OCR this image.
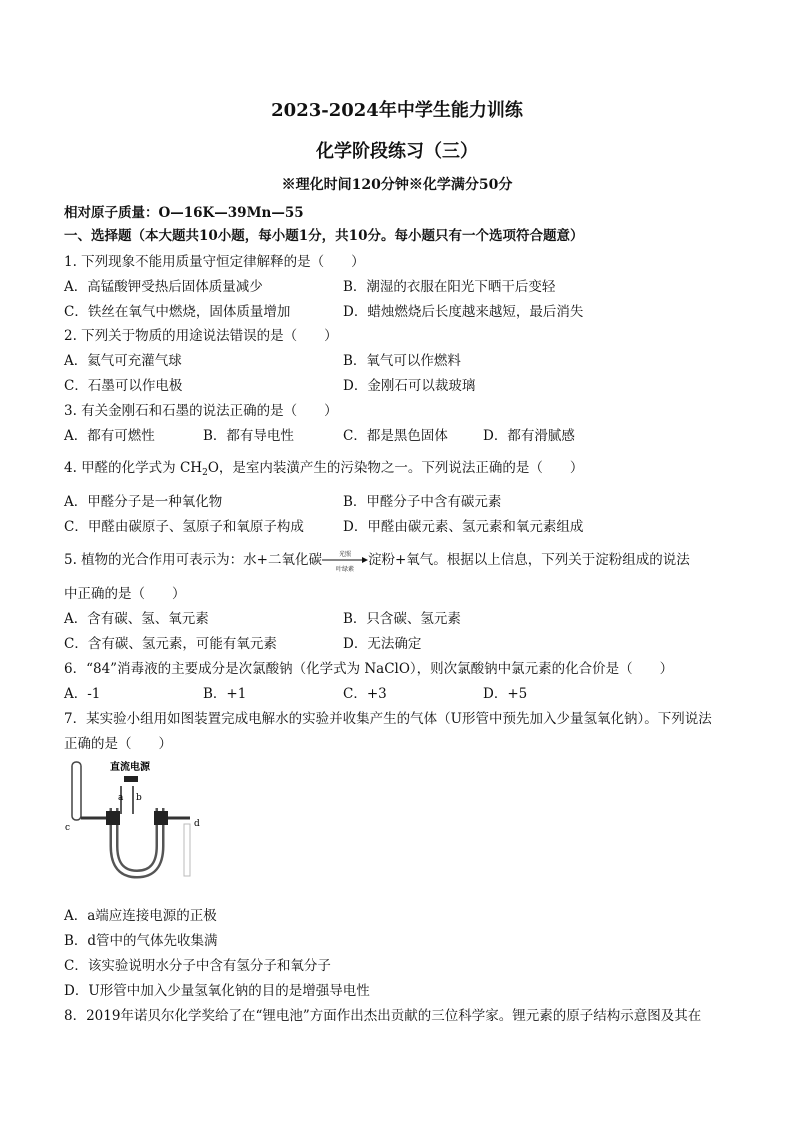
2023-2024年中学生能力训练
化学阶段练习（三）
※理化时间120分钟※化学满分50分
相对原子质量：O—16K—39Mn—55
一、选择题（本大题共10小题，每小题1分，共10分。每小题只有一个选项符合题意）
1. 下列现象不能用质量守恒定律解释的是（　　）
A．高锰酸钾受热后固体质量减少	B．潮湿的衣服在阳光下晒干后变轻
C．铁丝在氧气中燃烧，固体质量增加	D．蜡烛燃烧后长度越来越短，最后消失
2. 下列关于物质的用途说法错误的是（　　）
A．氦气可充灌气球	B．氧气可以作燃料
C．石墨可以作电极	D．金刚石可以裁玻璃
3. 有关金刚石和石墨的说法正确的是（　　）
A．都有可燃性	B．都有导电性	C．都是黑色固体	D．都有滑腻感
4. 甲醛的化学式为 $CH_2O$，是室内装潢产生的污染物之一。下列说法正确的是（　　）
A．甲醛分子是一种氧化物	B．甲醛分子中含有碳元素
C．甲醛由碳原子、氢原子和氧原子构成	D．甲醛由碳元素、氢元素和氧元素组成
5. 植物的光合作用可表示为：水+二氧化碳	光照
叶绿素
淀粉+氧气。根据以上信息，下列关于淀粉组成的说法
中正确的是（　　）
A．含有碳、氢、氧元素	B．只含碳、氢元素
C．含有碳、氢元素，可能有氧元素	D．无法确定
6．“84”消毒液的主要成分是次氯酸钠（化学式为 NaClO），则次氯酸钠中氯元素的化合价是（　　）
A．-1	B．+1	C．+3	D．+5
7．某实验小组用如图装置完成电解水的实验并收集产生的气体（U形管中预先加入少量氢氧化钠）。下列说法
正确的是（　　）
直流电源
a b
c	d
A．a端应连接电源的正极
B．d管中的气体先收集满
C．该实验说明水分子中含有氢分子和氧分子
D．U形管中加入少量氢氧化钠的目的是增强导电性
8．2019年诺贝尔化学奖给了在“锂电池”方面作出杰出贡献的三位科学家。锂元素的原子结构示意图及其在
